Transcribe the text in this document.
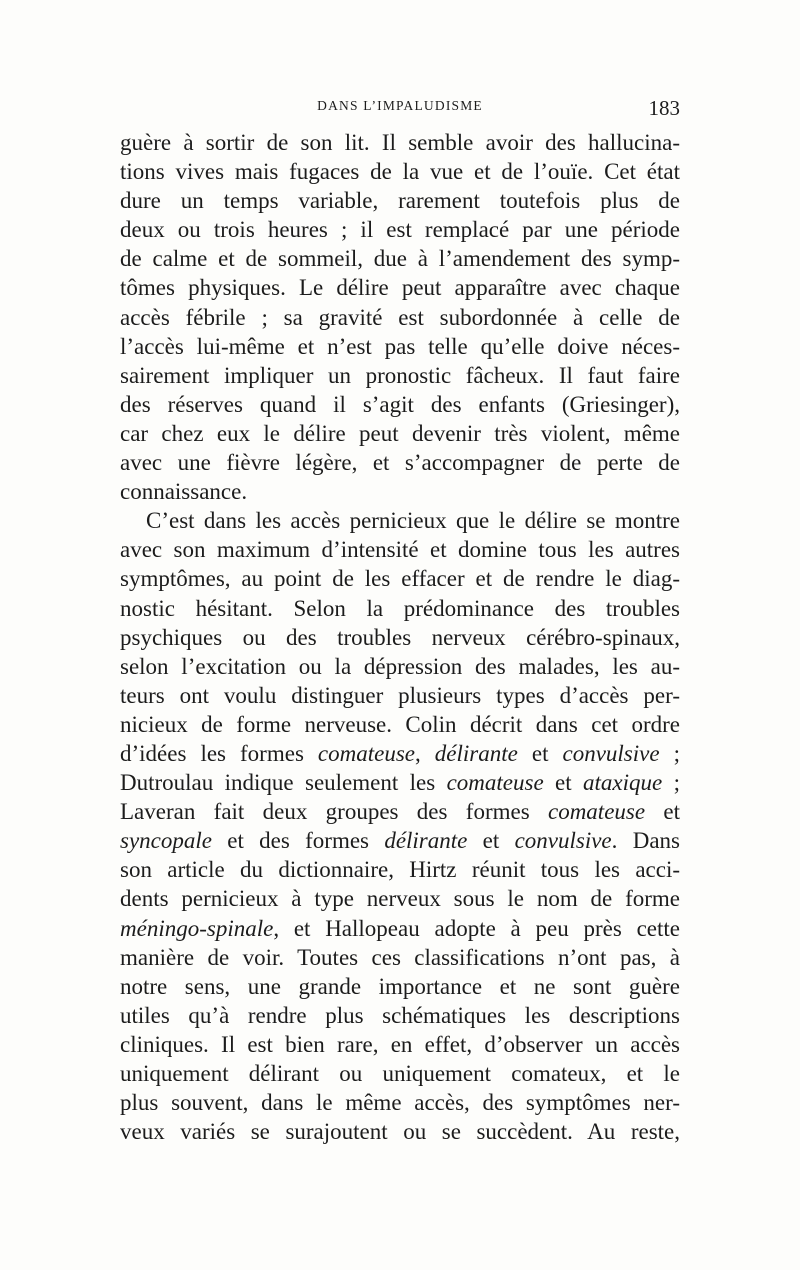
DANS L’IMPALUDISME	183

guère à sortir de son lit. Il semble avoir des hallucina-
tions vives mais fugaces de la vue et de l’ouïe. Cet état
dure un temps variable, rarement toutefois plus de
deux ou trois heures ; il est remplacé par une période
de calme et de sommeil, due à l’amendement des symp-
tômes physiques. Le délire peut apparaître avec chaque
accès fébrile ; sa gravité est subordonnée à celle de
l’accès lui-même et n’est pas telle qu’elle doive néces-
sairement impliquer un pronostic fâcheux. Il faut faire
des réserves quand il s’agit des enfants (Griesinger),
car chez eux le délire peut devenir très violent, même
avec une fièvre légère, et s’accompagner de perte de
connaissance.

C’est dans les accès pernicieux que le délire se montre
avec son maximum d’intensité et domine tous les autres
symptômes, au point de les effacer et de rendre le diag-
nostic hésitant. Selon la prédominance des troubles
psychiques ou des troubles nerveux cérébro-spinaux,
selon l’excitation ou la dépression des malades, les au-
teurs ont voulu distinguer plusieurs types d’accès per-
nicieux de forme nerveuse. Colin décrit dans cet ordre
d’idées les formes comateuse, délirante et convulsive ;
Dutroulau indique seulement les comateuse et ataxique ;
Laveran fait deux groupes des formes comateuse et
syncopale et des formes délirante et convulsive. Dans
son article du dictionnaire, Hirtz réunit tous les acci-
dents pernicieux à type nerveux sous le nom de forme
méningo-spinale, et Hallopeau adopte à peu près cette
manière de voir. Toutes ces classifications n’ont pas, à
notre sens, une grande importance et ne sont guère
utiles qu’à rendre plus schématiques les descriptions
cliniques. Il est bien rare, en effet, d’observer un accès
uniquement délirant ou uniquement comateux, et le
plus souvent, dans le même accès, des symptômes ner-
veux variés se surajoutent ou se succèdent. Au reste,
